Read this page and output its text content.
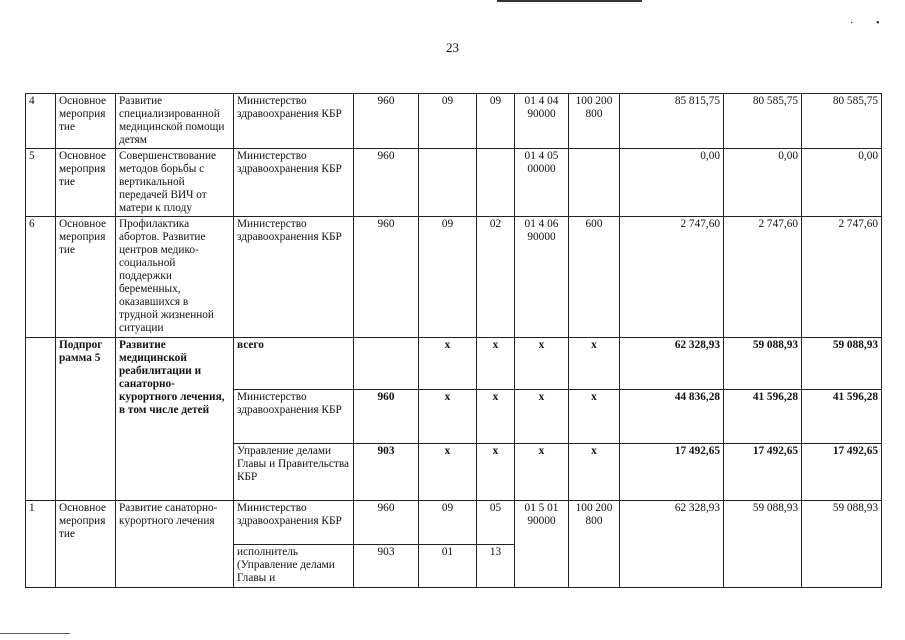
· •
23
4	Основное мероприя тие	Развитие специализированной медицинской помощи детям	Министерство здравоохранения КБР	960	09	09	01 4 04 90000	100 200 800	85 815,75	80 585,75	80 585,75
5	Основное мероприя тие	Совершенствование методов борьбы с вертикальной передачей ВИЧ от матери к плоду	Министерство здравоохранения КБР	960			01 4 05 00000		0,00	0,00	0,00
6	Основное мероприя тие	Профилактика абортов. Развитие центров медико-социальной поддержки беременных, оказавшихся в трудной жизненной ситуации	Министерство здравоохранения КБР	960	09	02	01 4 06 90000	600	2 747,60	2 747,60	2 747,60
	Подпрог рамма 5	Развитие медицинской реабилитации и санаторно-курортного лечения, в том числе детей	всего		x	x	x	x	62 328,93	59 088,93	59 088,93
			Министерство здравоохранения КБР	960	x	x	x	x	44 836,28	41 596,28	41 596,28
			Управление делами Главы и Правительства КБР	903	x	x	x	x	17 492,65	17 492,65	17 492,65
1	Основное мероприя тие	Развитие санаторно-курортного лечения	Министерство здравоохранения КБР	960	09	05	01 5 01 90000	100 200 800	62 328,93	59 088,93	59 088,93
			исполнитель (Управление делами Главы и	903	01	13					
